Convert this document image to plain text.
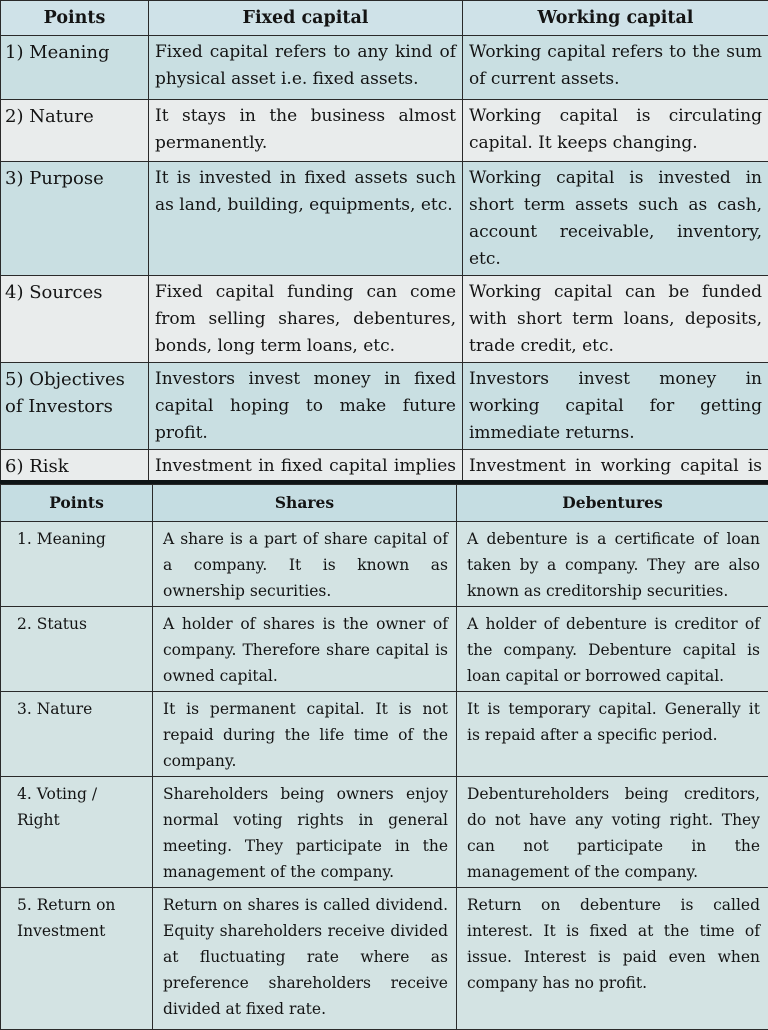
Points	Fixed capital	Working capital
1) Meaning	Fixed capital refers to any kind of physical asset i.e. fixed assets.	Working capital refers to the sum of current assets.
2) Nature	It stays in the business almost permanently.	Working capital is circulating capital. It keeps changing.
3) Purpose	It is invested in fixed assets such as land, building, equipments, etc.	Working capital is invested in short term assets such as cash, account receivable, inventory, etc.
4) Sources	Fixed capital funding can come from selling shares, debentures, bonds, long term loans, etc.	Working capital can be funded with short term loans, deposits, trade credit, etc.
5) Objectives of Investors	Investors invest money in fixed capital hoping to make future profit.	Investors invest money in working capital for getting immediate returns.
6) Risk	Investment in fixed capital implies	Investment in working capital is
Points	Shares	Debentures
1. Meaning	A share is a part of share capital of a company. It is known as ownership securities.	A debenture is a certificate of loan taken by a company. They are also known as creditorship securities.
2. Status	A holder of shares is the owner of company. Therefore share capital is owned capital.	A holder of debenture is creditor of the company. Debenture capital is loan capital or borrowed capital.
3. Nature	It is permanent capital. It is not repaid during the life time of the company.	It is temporary capital. Generally it is repaid after a specific period.
4. Voting / Right	Shareholders being owners enjoy normal voting rights in general meeting. They participate in the management of the company.	Debentureholders being creditors, do not have any voting right. They can not participate in the management of the company.
5. Return on Investment	Return on shares is called dividend. Equity shareholders receive divided at fluctuating rate where as preference shareholders receive divided at fixed rate.	Return on debenture is called interest. It is fixed at the time of issue. Interest is paid even when company has no profit.
